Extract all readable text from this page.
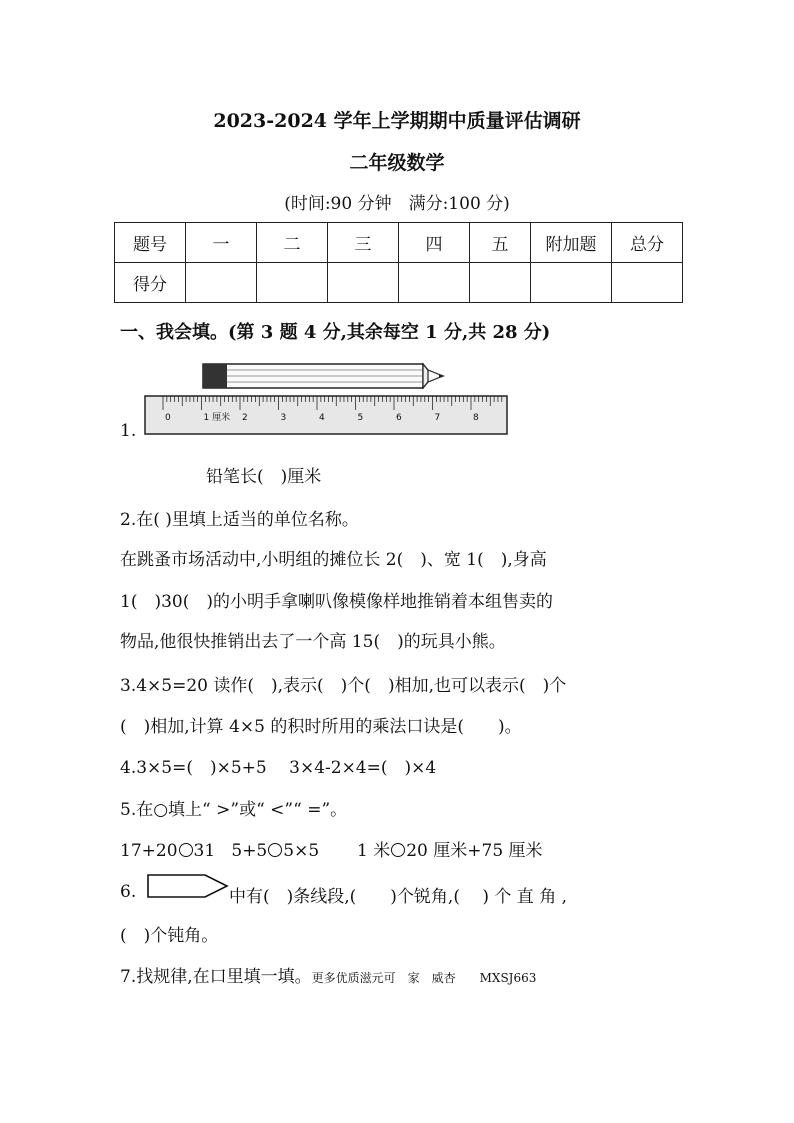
2023-2024 学年上学期期中质量评估调研
二年级数学
(时间:90 分钟　满分:100 分)
题号	一	二	三	四	五	附加题	总分
得分							
一、我会填。(第 3 题 4 分,其余每空 1 分,共 28 分)
1.
0	1 厘米 2	3	4	5	6	7	8
铅笔长(　)厘米
2.在( )里填上适当的单位名称。
在跳蚤市场活动中,小明组的摊位长 2(　)、宽 1(　),身高
1(　)30(　)的小明手拿喇叭像模像样地推销着本组售卖的
物品,他很快推销出去了一个高 15(　)的玩具小熊。
3.4×5=20 读作(　),表示(　)个(　)相加,也可以表示(　)个
(　)相加,计算 4×5 的积时所用的乘法口诀是(　　)。
4.3×5=(　)×5+5　 3×4-2×4=(　)×4
5.在○填上“ >”或“ <”“ =”。
17+20 31 5+5 5×5 1 米 20 厘米+75 厘米
6.	中有(　)条线段,(　　)个锐角,(　 ) 个 直 角 ,
(　)个钝角。
7.找规律,在口里填一填。更多优质滋元可　家　威杏　　MXSJ663
